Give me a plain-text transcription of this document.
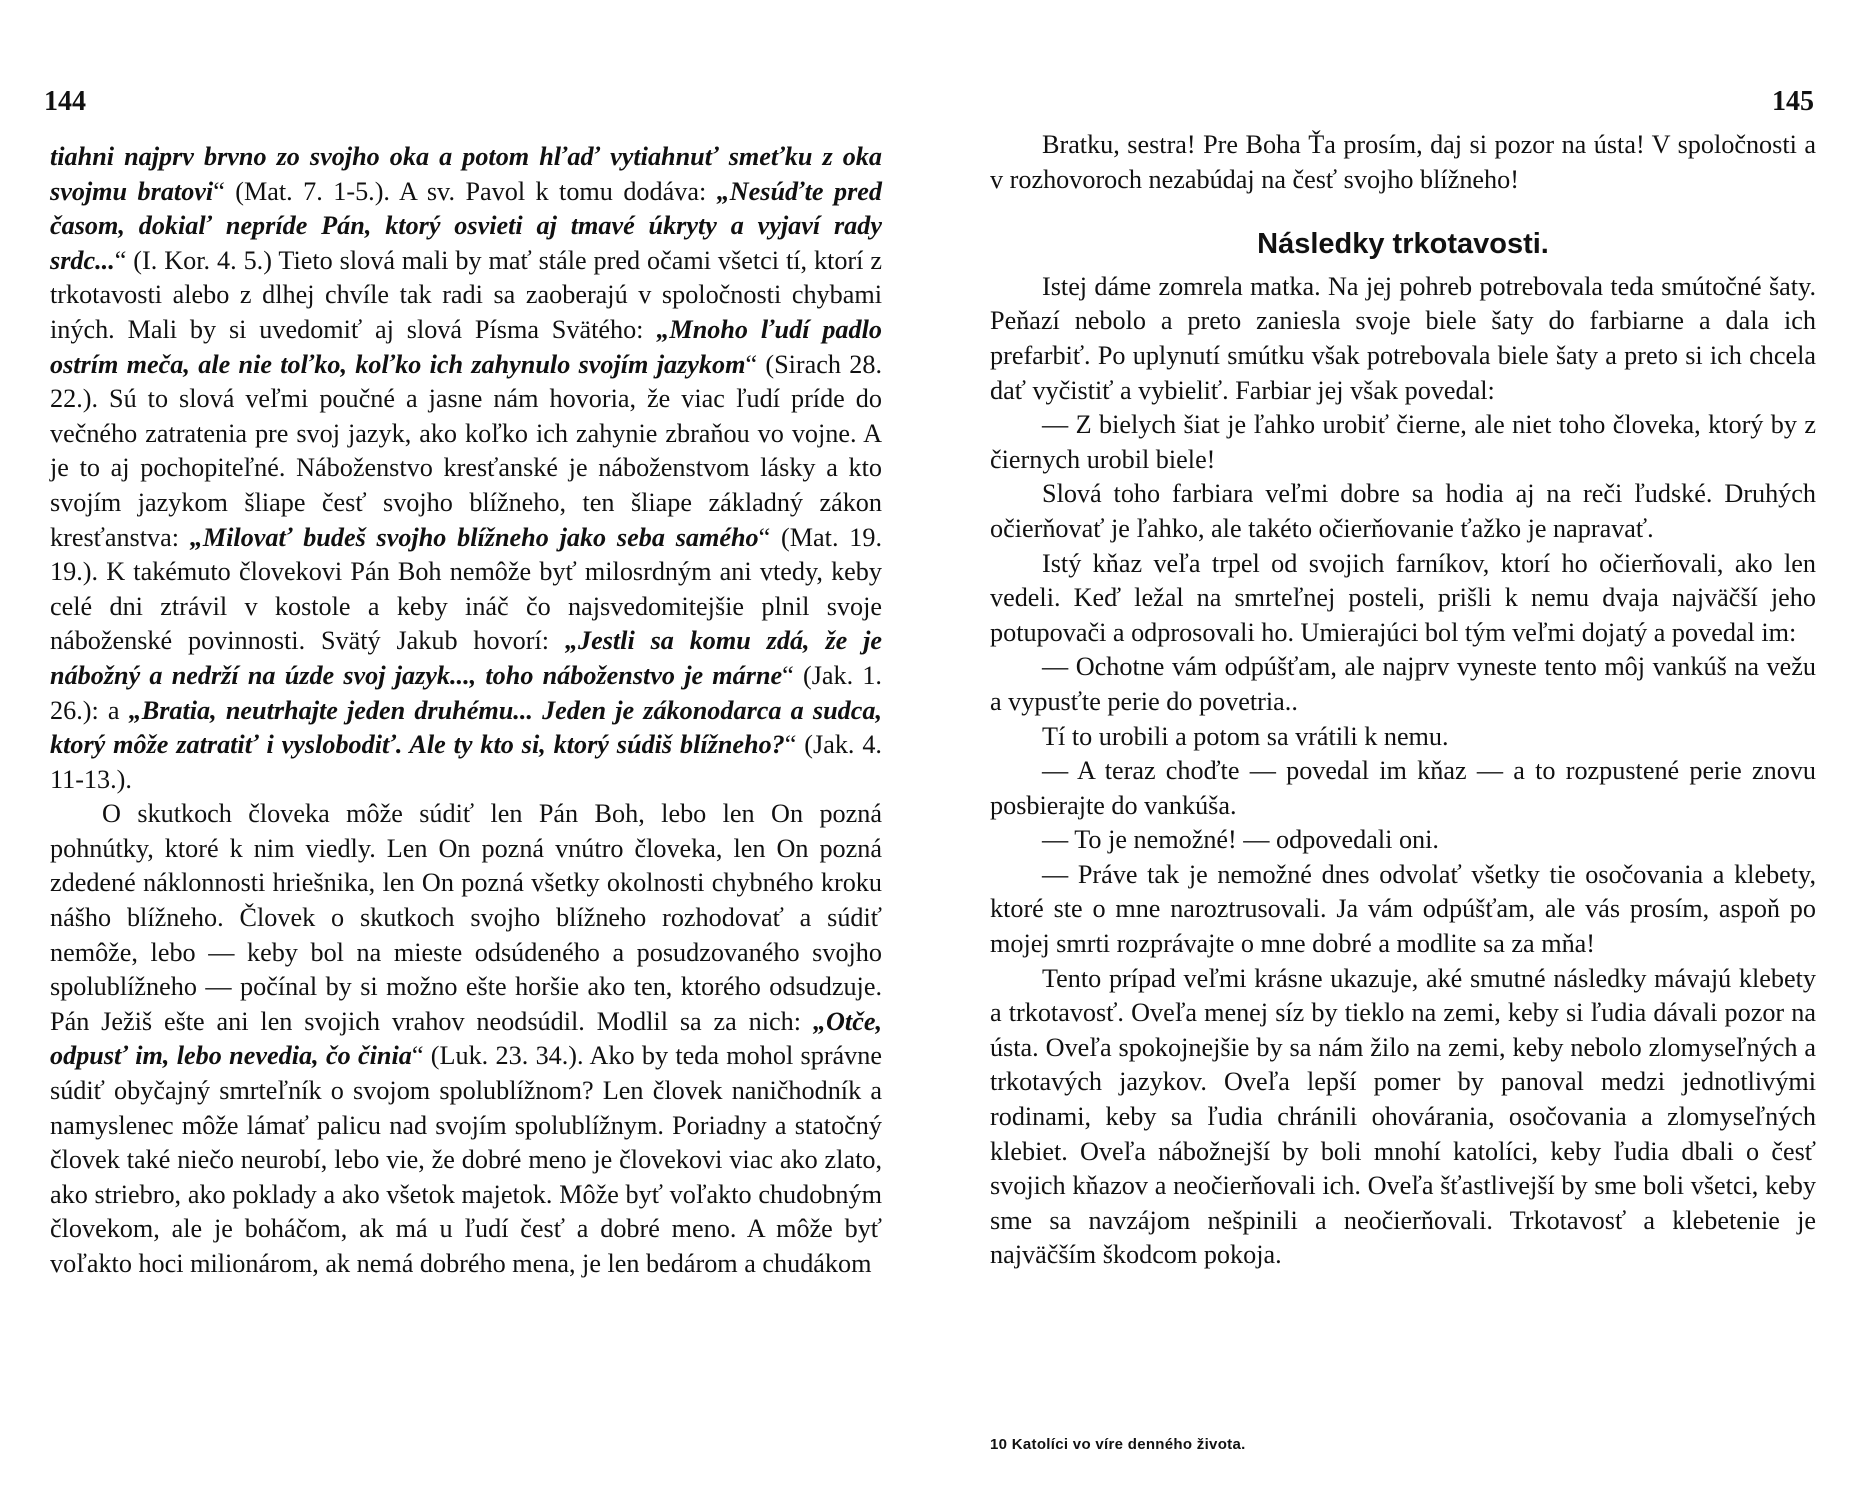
144

tiahni najprv brvno zo svojho oka a potom hľaď vytiahnuť smeťku z oka svojmu bratovi“ (Mat. 7. 1-5.). A sv. Pavol k tomu dodáva: „Nesúďte pred časom, dokiaľ nepríde Pán, ktorý osvieti aj tmavé úkryty a vyjaví rady srdc...“ (I. Kor. 4. 5.) Tieto slová mali by mať stále pred očami všetci tí, ktorí z trkotavosti alebo z dlhej chvíle tak radi sa zaoberajú v spoločnosti chybami iných. Mali by si uvedomiť aj slová Písma Svätého: „Mnoho ľudí padlo ostrím meča, ale nie toľko, koľko ich zahynulo svojím jazykom“ (Sirach 28. 22.). Sú to slová veľmi poučné a jasne nám hovoria, že viac ľudí príde do večného zatratenia pre svoj jazyk, ako koľko ich zahynie zbraňou vo vojne. A je to aj pochopiteľné. Náboženstvo kresťanské je náboženstvom lásky a kto svojím jazykom šliape česť svojho blížneho, ten šliape základný zákon kresťanstva: „Milovať budeš svojho blížneho jako seba samého“ (Mat. 19. 19.). K takémuto človekovi Pán Boh nemôže byť milosrdným ani vtedy, keby celé dni ztrávil v kostole a keby ináč čo najsvedomitejšie plnil svoje náboženské povinnosti. Svätý Jakub hovorí: „Jestli sa komu zdá, že je nábožný a nedrží na úzde svoj jazyk..., toho náboženstvo je márne“ (Jak. 1. 26.): a „Bratia, neutrhajte jeden druhému... Jeden je zákonodarca a sudca, ktorý môže zatratiť i vyslobodiť. Ale ty kto si, ktorý súdiš blížneho?“ (Jak. 4. 11-13.).

O skutkoch človeka môže súdiť len Pán Boh, lebo len On pozná pohnútky, ktoré k nim viedly. Len On pozná vnútro človeka, len On pozná zdedené náklonnosti hriešnika, len On pozná všetky okolnosti chybného kroku nášho blížneho. Človek o skutkoch svojho blížneho rozhodovať a súdiť nemôže, lebo — keby bol na mieste odsúdeného a posudzovaného svojho spolublížneho — počínal by si možno ešte horšie ako ten, ktorého odsudzuje. Pán Ježiš ešte ani len svojich vrahov neodsúdil. Modlil sa za nich: „Otče, odpusť im, lebo nevedia, čo činia“ (Luk. 23. 34.). Ako by teda mohol správne súdiť obyčajný smrteľník o svojom spolublížnom? Len človek naničhodník a namyslenec môže lámať palicu nad svojím spolublížnym. Poriadny a statočný človek také niečo neurobí, lebo vie, že dobré meno je človekovi viac ako zlato, ako striebro, ako poklady a ako všetok majetok. Môže byť voľakto chudobným človekom, ale je boháčom, ak má u ľudí česť a dobré meno. A môže byť voľakto hoci milionárom, ak nemá dobrého mena, je len bedárom a chudákom

145

Bratku, sestra! Pre Boha Ťa prosím, daj si pozor na ústa! V spoločnosti a v rozhovoroch nezabúdaj na česť svojho blížneho!

Následky trkotavosti.

Istej dáme zomrela matka. Na jej pohreb potrebovala teda smútočné šaty. Peňazí nebolo a preto zaniesla svoje biele šaty do farbiarne a dala ich prefarbiť. Po uplynutí smútku však potrebovala biele šaty a preto si ich chcela dať vyčistiť a vybieliť. Farbiar jej však povedal:

— Z bielych šiat je ľahko urobiť čierne, ale niet toho človeka, ktorý by z čiernych urobil biele!

Slová toho farbiara veľmi dobre sa hodia aj na reči ľudské. Druhých očierňovať je ľahko, ale takéto očierňovanie ťažko je napravať.

Istý kňaz veľa trpel od svojich farníkov, ktorí ho očierňovali, ako len vedeli. Keď ležal na smrteľnej posteli, prišli k nemu dvaja najväčší jeho potupovači a odprosovali ho. Umierajúci bol tým veľmi dojatý a povedal im:

— Ochotne vám odpúšťam, ale najprv vyneste tento môj vankúš na vežu a vypusťte perie do povetria..

Tí to urobili a potom sa vrátili k nemu.

— A teraz choďte — povedal im kňaz — a to rozpustené perie znovu posbierajte do vankúša.

— To je nemožné! — odpovedali oni.

— Práve tak je nemožné dnes odvolať všetky tie osočovania a klebety, ktoré ste o mne naroztrusovali. Ja vám odpúšťam, ale vás prosím, aspoň po mojej smrti rozprávajte o mne dobré a modlite sa za mňa!

Tento prípad veľmi krásne ukazuje, aké smutné následky mávajú klebety a trkotavosť. Oveľa menej síz by tieklo na zemi, keby si ľudia dávali pozor na ústa. Oveľa spokojnejšie by sa nám žilo na zemi, keby nebolo zlomyseľných a trkotavých jazykov. Oveľa lepší pomer by panoval medzi jednotlivými rodinami, keby sa ľudia chránili ohovárania, osočovania a zlomyseľných klebiet. Oveľa nábožnejší by boli mnohí katolíci, keby ľudia dbali o česť svojich kňazov a neočierňovali ich. Oveľa šťastlivejší by sme boli všetci, keby sme sa navzájom nešpinili a neočierňovali. Trkotavosť a klebetenie je najväčším škodcom pokoja.

10 Katolíci vo víre denného života.
